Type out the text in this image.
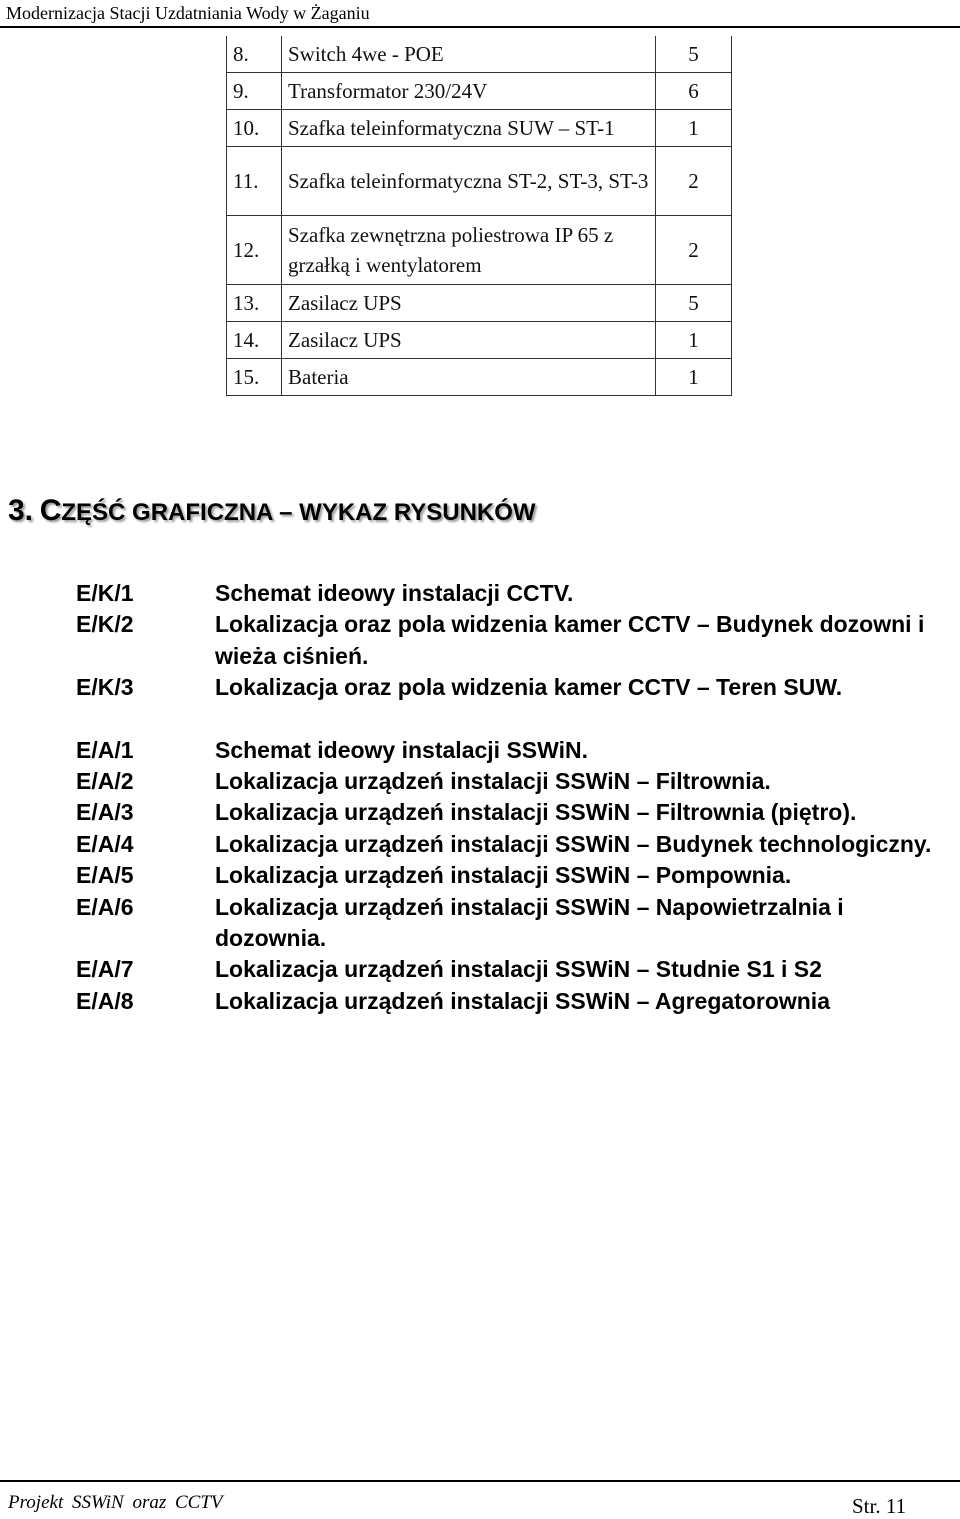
Modernizacja Stacji Uzdatniania Wody w Żaganiu
8.	Switch 4we - POE	5
9.	Transformator 230/24V	6
10.	Szafka teleinformatyczna SUW – ST-1	1
11.	Szafka teleinformatyczna ST-2, ST-3, ST-3	2
12.	Szafka zewnętrzna poliestrowa IP 65 z grzałką i wentylatorem	2
13.	Zasilacz UPS	5
14.	Zasilacz UPS	1
15.	Bateria	1
3. CZĘŚĆ GRAFICZNA – WYKAZ RYSUNKÓW
E/K/1	Schemat ideowy instalacji CCTV.
E/K/2	Lokalizacja oraz pola widzenia kamer CCTV – Budynek dozowni i wieża ciśnień.
E/K/3	Lokalizacja oraz pola widzenia kamer CCTV – Teren SUW.
E/A/1	Schemat ideowy instalacji SSWiN.
E/A/2	Lokalizacja urządzeń instalacji SSWiN – Filtrownia.
E/A/3	Lokalizacja urządzeń instalacji SSWiN – Filtrownia (piętro).
E/A/4	Lokalizacja urządzeń instalacji SSWiN – Budynek technologiczny.
E/A/5	Lokalizacja urządzeń instalacji SSWiN – Pompownia.
E/A/6	Lokalizacja urządzeń instalacji SSWiN – Napowietrzalnia i dozownia.
E/A/7	Lokalizacja urządzeń instalacji SSWiN – Studnie S1 i S2
E/A/8	Lokalizacja urządzeń instalacji SSWiN – Agregatorownia
Projekt SSWiN oraz CCTV	Str. 11
